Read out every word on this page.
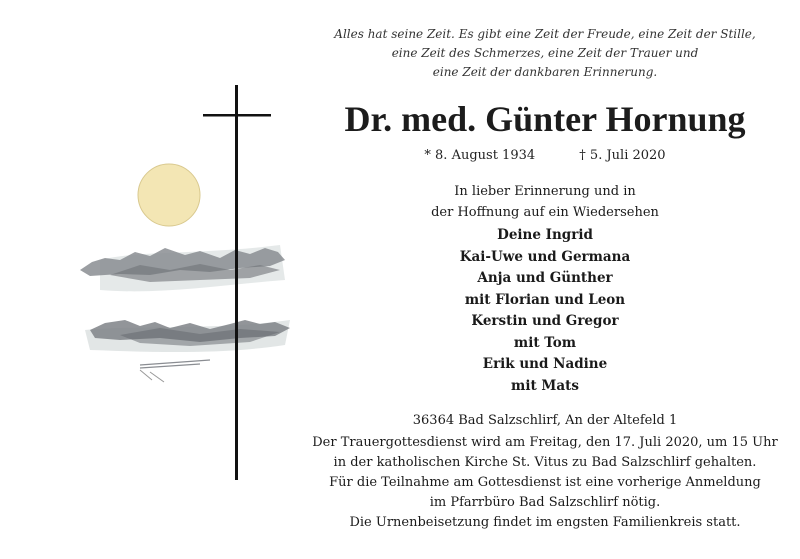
Alles hat seine Zeit. Es gibt eine Zeit der Freude, eine Zeit der Stille,
eine Zeit des Schmerzes, eine Zeit der Trauer und
eine Zeit der dankbaren Erinnerung.
Dr. med. Günter Hornung
* 8. August 1934	† 5. Juli 2020
In lieber Erinnerung und in
der Hoffnung auf ein Wiedersehen
Deine Ingrid
Kai-Uwe und Germana
Anja und Günther
mit Florian und Leon
Kerstin und Gregor
mit Tom
Erik und Nadine
mit Mats
36364 Bad Salzschlirf, An der Altefeld 1
Der Trauergottesdienst wird am Freitag, den 17. Juli 2020, um 15 Uhr
in der katholischen Kirche St. Vitus zu Bad Salzschlirf gehalten.
Für die Teilnahme am Gottesdienst ist eine vorherige Anmeldung
im Pfarrbüro Bad Salzschlirf nötig.
Die Urnenbeisetzung findet im engsten Familienkreis statt.
